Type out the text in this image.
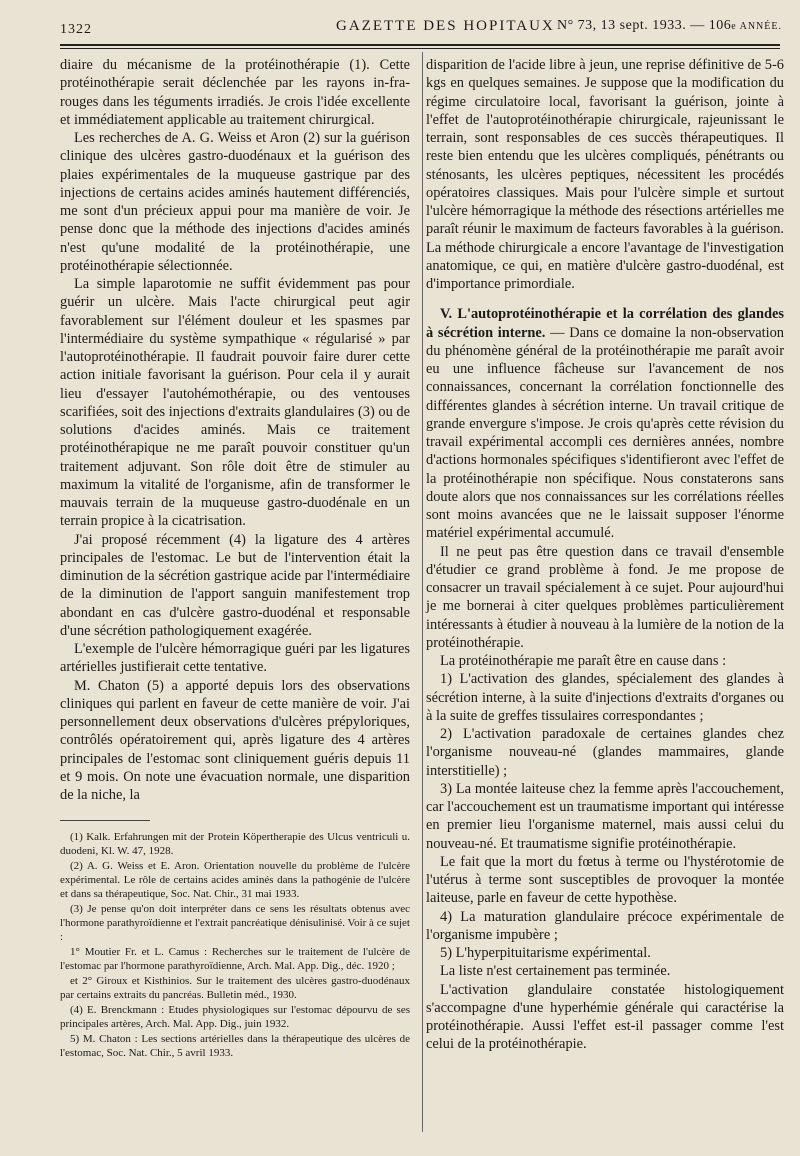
1322	GAZETTE DES HOPITAUX N° 73, 13 sept. 1933. — 106e ANNÉE.

diaire du mécanisme de la protéinothérapie (1). Cette protéinothérapie serait déclenchée par les rayons in-fra-rouges dans les téguments irradiés. Je crois l'idée excellente et immédiatement applicable au traitement chirurgical.

Les recherches de A. G. Weiss et Aron (2) sur la guérison clinique des ulcères gastro-duodénaux et la guérison des plaies expérimentales de la muqueuse gastrique par des injections de certains acides aminés hautement différenciés, me sont d'un précieux appui pour ma manière de voir. Je pense donc que la méthode des injections d'acides aminés n'est qu'une modalité de la protéinothérapie, une protéinothérapie sélectionnée.

La simple laparotomie ne suffit évidemment pas pour guérir un ulcère. Mais l'acte chirurgical peut agir favorablement sur l'élément douleur et les spasmes par l'intermédiaire du système sympathique « régularisé » par l'autoprotéinothérapie. Il faudrait pouvoir faire durer cette action initiale favorisant la guérison. Pour cela il y aurait lieu d'essayer l'autohémothérapie, ou des ventouses scarifiées, soit des injections d'extraits glandulaires (3) ou de solutions d'acides aminés. Mais ce traitement protéinothérapique ne me paraît pouvoir constituer qu'un traitement adjuvant. Son rôle doit être de stimuler au maximum la vitalité de l'organisme, afin de transformer le mauvais terrain de la muqueuse gastro-duodénale en un terrain propice à la cicatrisation.

J'ai proposé récemment (4) la ligature des 4 artères principales de l'estomac. Le but de l'intervention était la diminution de la sécrétion gastrique acide par l'intermédiaire de la diminution de l'apport sanguin manifestement trop abondant en cas d'ulcère gastro-duodénal et responsable d'une sécrétion pathologiquement exagérée.

L'exemple de l'ulcère hémorragique guéri par les ligatures artérielles justifierait cette tentative.

M. Chaton (5) a apporté depuis lors des observations cliniques qui parlent en faveur de cette manière de voir. J'ai personnellement deux observations d'ulcères prépyloriques, contrôlés opératoirement qui, après ligature des 4 artères principales de l'estomac sont cliniquement guéris depuis 11 et 9 mois. On note une évacuation normale, une disparition de la niche, la

(1) Kalk. Erfahrungen mit der Protein Köpertherapie des Ulcus ventriculi u. duodeni, Kl. W. 47, 1928.

(2) A. G. Weiss et E. Aron. Orientation nouvelle du problème de l'ulcère expérimental. Le rôle de certains acides aminés dans la pathogénie de l'ulcère et dans sa thérapeutique, Soc. Nat. Chir., 31 mai 1933.

(3) Je pense qu'on doit interpréter dans ce sens les résultats obtenus avec l'hormone parathyroïdienne et l'extrait pancréatique dénisulinisé. Voir à ce sujet :

1° Moutier Fr. et L. Camus : Recherches sur le traitement de l'ulcère de l'estomac par l'hormone parathyroïdienne, Arch. Mal. App. Dig., déc. 1920 ;

et 2° Giroux et Kisthinios. Sur le traitement des ulcères gastro-duodénaux par certains extraits du pancréas. Bulletin méd., 1930.

(4) E. Brenckmann : Etudes physiologiques sur l'estomac dépourvu de ses principales artères, Arch. Mal. App. Dig., juin 1932.

5) M. Chaton : Les sections artérielles dans la thérapeutique des ulcères de l'estomac, Soc. Nat. Chir., 5 avril 1933.

disparition de l'acide libre à jeun, une reprise définitive de 5-6 kgs en quelques semaines. Je suppose que la modification du régime circulatoire local, favorisant la guérison, jointe à l'effet de l'autoprotéinothérapie chirurgicale, rajeunissant le terrain, sont responsables de ces succès thérapeutiques. Il reste bien entendu que les ulcères compliqués, pénétrants ou sténosants, les ulcères peptiques, nécessitent les procédés opératoires classiques. Mais pour l'ulcère simple et surtout l'ulcère hémorragique la méthode des résections artérielles me paraît réunir le maximum de facteurs favorables à la guérison. La méthode chirurgicale a encore l'avantage de l'investigation anatomique, ce qui, en matière d'ulcère gastro-duodénal, est d'importance primordiale.

V. L'autoprotéinothérapie et la corrélation des glandes à sécrétion interne. — Dans ce domaine la non-observation du phénomène général de la protéinothérapie me paraît avoir eu une influence fâcheuse sur l'avancement de nos connaissances, concernant la corrélation fonctionnelle des différentes glandes à sécrétion interne. Un travail critique de grande envergure s'impose. Je crois qu'après cette révision du travail expérimental accompli ces dernières années, nombre d'actions hormonales spécifiques s'identifieront avec l'effet de la protéinothérapie non spécifique. Nous constaterons sans doute alors que nos connaissances sur les corrélations réelles sont moins avancées que ne le laissait supposer l'énorme matériel expérimental accumulé.

Il ne peut pas être question dans ce travail d'ensemble d'étudier ce grand problème à fond. Je me propose de consacrer un travail spécialement à ce sujet. Pour aujourd'hui je me bornerai à citer quelques problèmes particulièrement intéressants à étudier à nouveau à la lumière de la notion de la protéinothérapie.

La protéinothérapie me paraît être en cause dans :

1) L'activation des glandes, spécialement des glandes à sécrétion interne, à la suite d'injections d'extraits d'organes ou à la suite de greffes tissulaires correspondantes ;

2) L'activation paradoxale de certaines glandes chez l'organisme nouveau-né (glandes mammaires, glande interstitielle) ;

3) La montée laiteuse chez la femme après l'accouchement, car l'accouchement est un traumatisme important qui intéresse en premier lieu l'organisme maternel, mais aussi celui du nouveau-né. Et traumatisme signifie protéinothérapie.

Le fait que la mort du fœtus à terme ou l'hystérotomie de l'utérus à terme sont susceptibles de provoquer la montée laiteuse, parle en faveur de cette hypothèse.

4) La maturation glandulaire précoce expérimentale de l'organisme impubère ;

5) L'hyperpituitarisme expérimental.

La liste n'est certainement pas terminée.

L'activation glandulaire constatée histologiquement s'accompagne d'une hyperhémie générale qui caractérise la protéinothérapie. Aussi l'effet est-il passager comme l'est celui de la protéinothérapie.
